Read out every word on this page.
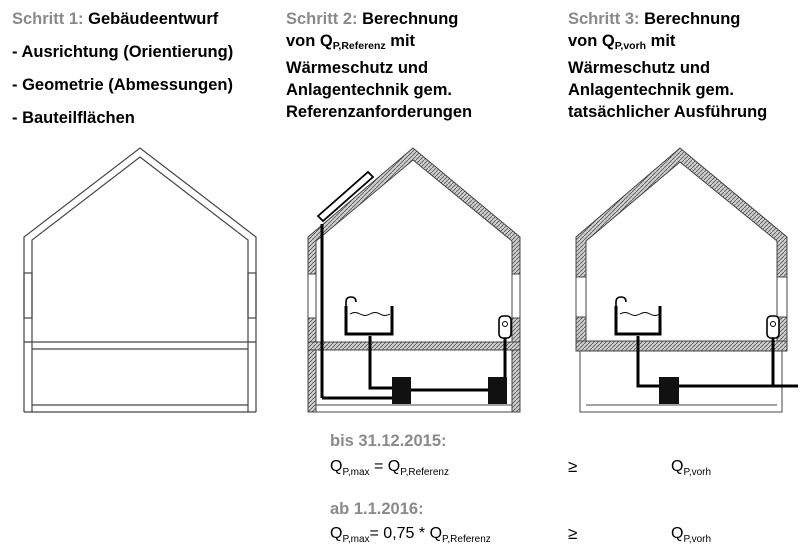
Schritt 1: Gebäudeentwurf
- Ausrichtung (Orientierung)
- Geometrie (Abmessungen)
- Bauteilflächen
Schritt 2: Berechnung
von $Q_{P,Referenz}$ mit
Wärmeschutz und
Anlagentechnik gem.
Referenzanforderungen
Schritt 3: Berechnung
von $Q_{P,vorh}$ mit
Wärmeschutz und
Anlagentechnik gem.
tatsächlicher Ausführung
bis 31.12.2015:
$Q_{P,max} = Q_{P,Referenz}$	≥	$Q_{P,vorh}$
ab 1.1.2016:
$Q_{P,max}= 0,75 * Q_{P,Referenz}$	≥	$Q_{P,vorh}$
